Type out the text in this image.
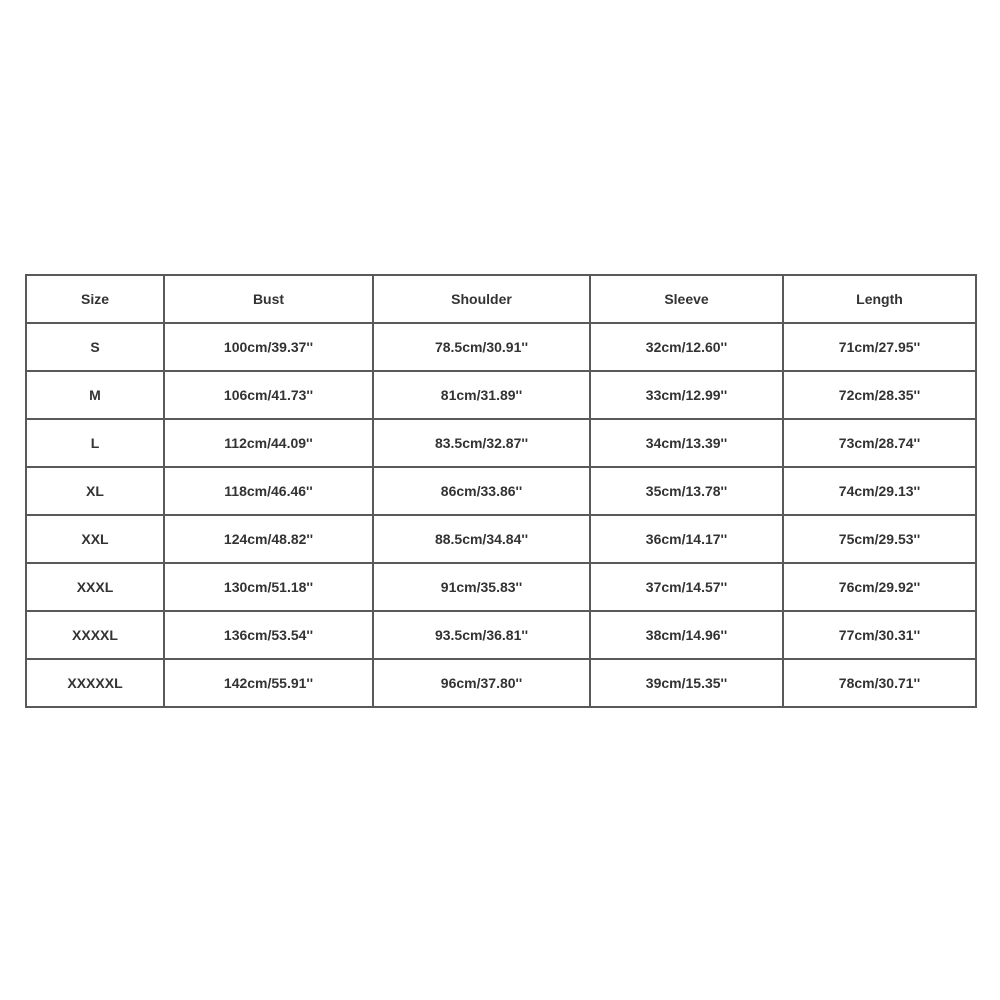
Size	Bust	Shoulder	Sleeve	Length
S	100cm/39.37''	78.5cm/30.91''	32cm/12.60''	71cm/27.95''
M	106cm/41.73''	81cm/31.89''	33cm/12.99''	72cm/28.35''
L	112cm/44.09''	83.5cm/32.87''	34cm/13.39''	73cm/28.74''
XL	118cm/46.46''	86cm/33.86''	35cm/13.78''	74cm/29.13''
XXL	124cm/48.82''	88.5cm/34.84''	36cm/14.17''	75cm/29.53''
XXXL	130cm/51.18''	91cm/35.83''	37cm/14.57''	76cm/29.92''
XXXXL	136cm/53.54''	93.5cm/36.81''	38cm/14.96''	77cm/30.31''
XXXXXL	142cm/55.91''	96cm/37.80''	39cm/15.35''	78cm/30.71''
